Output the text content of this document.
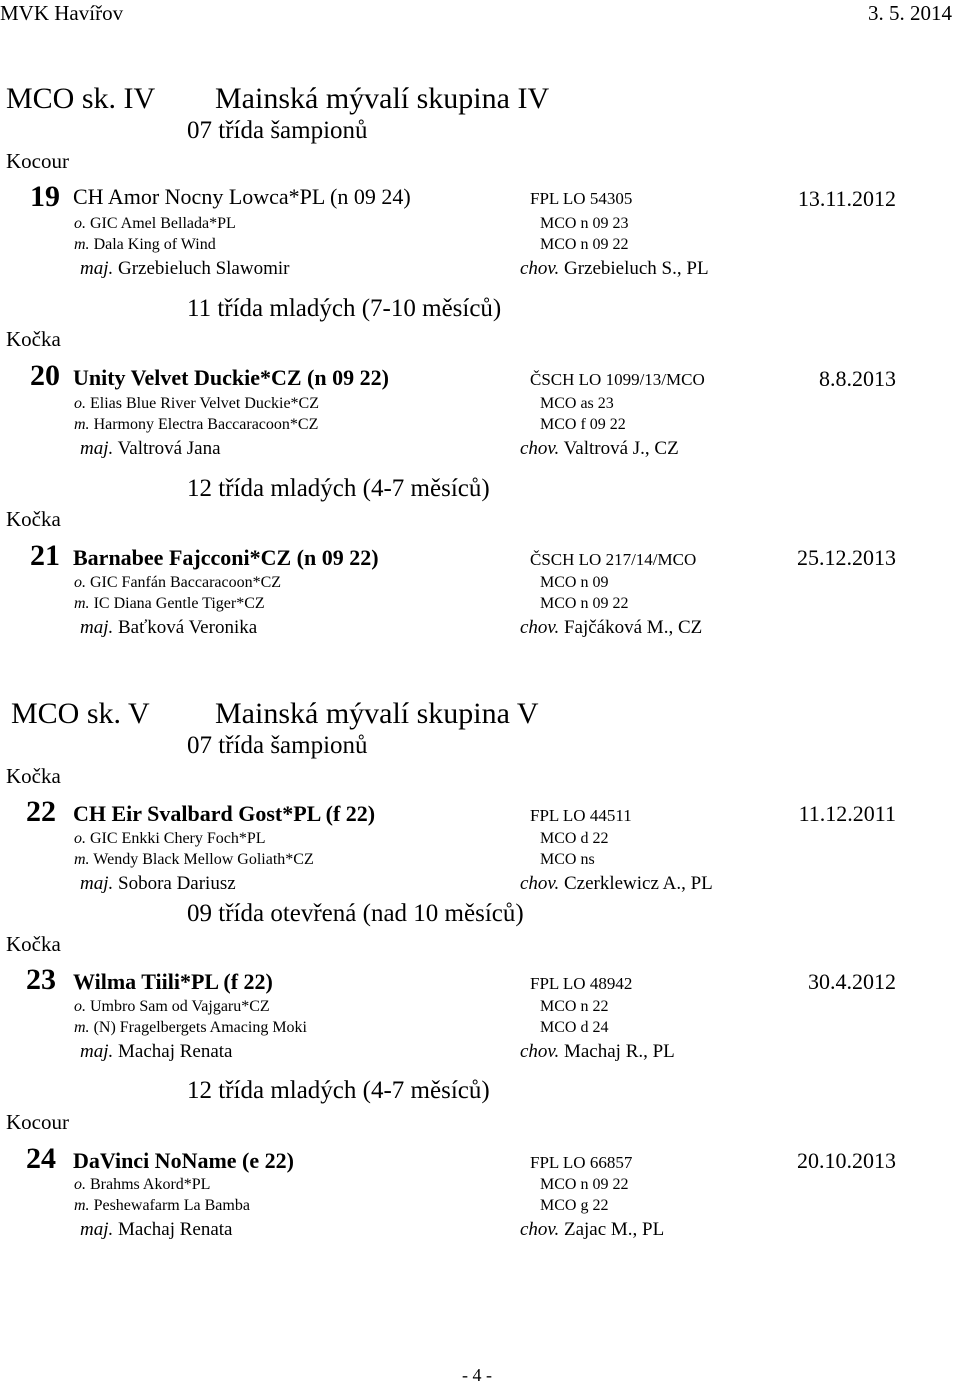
MVK Havířov	3. 5. 2014
MCO sk. IV Mainská mývalí skupina IV
07 třída šampionů
Kocour
19 CH Amor Nocny Lowca*PL (n 09 24)	FPL LO 54305	13.11.2012
o. GIC Amel Bellada*PL	MCO n 09 23
m. Dala King of Wind	MCO n 09 22
maj. Grzebieluch Slawomir	chov. Grzebieluch S., PL
11 třída mladých (7-10 měsíců)
Kočka
20 Unity Velvet Duckie*CZ (n 09 22)	ČSCH LO 1099/13/MCO	8.8.2013
o. Elias Blue River Velvet Duckie*CZ	MCO as 23
m. Harmony Electra Baccaracoon*CZ	MCO f 09 22
maj. Valtrová Jana	chov. Valtrová J., CZ
12 třída mladých (4-7 měsíců)
Kočka
21 Barnabee Fajcconi*CZ (n 09 22)	ČSCH LO 217/14/MCO	25.12.2013
o. GIC Fanfán Baccaracoon*CZ	MCO n 09
m. IC Diana Gentle Tiger*CZ	MCO n 09 22
maj. Baťková Veronika	chov. Fajčáková M., CZ
MCO sk. V Mainská mývalí skupina V
07 třída šampionů
Kočka
22 CH Eir Svalbard Gost*PL (f 22)	FPL LO 44511	11.12.2011
o. GIC Enkki Chery Foch*PL	MCO d 22
m. Wendy Black Mellow Goliath*CZ	MCO ns
maj. Sobora Dariusz	chov. Czerklewicz A., PL
09 třída otevřená (nad 10 měsíců)
Kočka
23 Wilma Tiili*PL (f 22)	FPL LO 48942	30.4.2012
o. Umbro Sam od Vajgaru*CZ	MCO n 22
m. (N) Fragelbergets Amacing Moki	MCO d 24
maj. Machaj Renata	chov. Machaj R., PL
12 třída mladých (4-7 měsíců)
Kocour
24 DaVinci NoName (e 22)	FPL LO 66857	20.10.2013
o. Brahms Akord*PL	MCO n 09 22
m. Peshewafarm La Bamba	MCO g 22
maj. Machaj Renata	chov. Zajac M., PL
- 4 -
